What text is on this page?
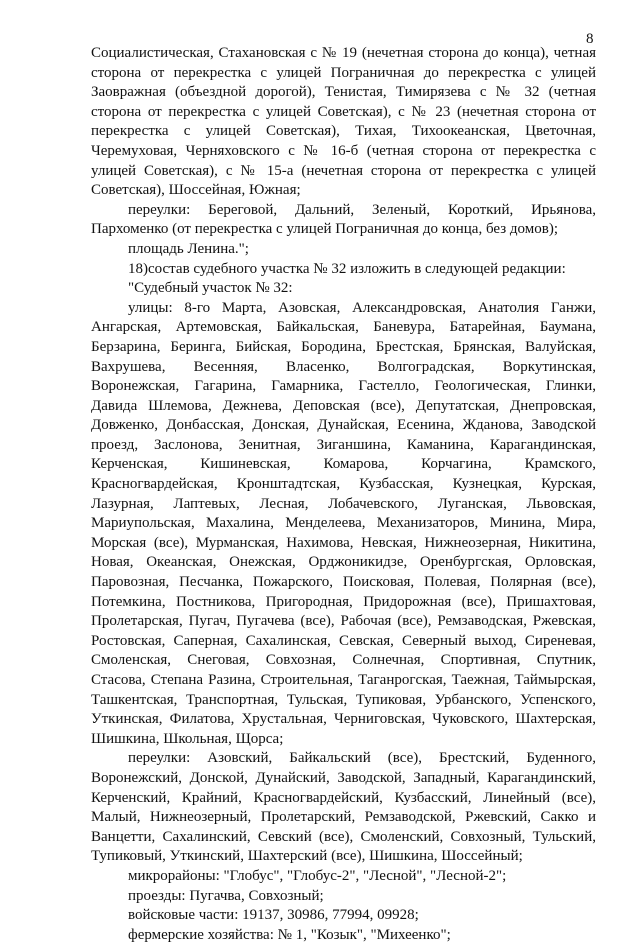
8
Социалистическая, Стахановская с № 19 (нечетная сторона до конца), четная
сторона от перекрестка с улицей Пограничная до перекрестка с улицей
Заовражная (объездной дорогой), Тенистая, Тимирязева с № 32 (четная
сторона от перекрестка с улицей Советская), с № 23 (нечетная сторона от
перекрестка с улицей Советская), Тихая, Тихоокеанская, Цветочная,
Черемуховая, Черняховского с № 16-б (четная сторона от перекрестка с
улицей Советская), с № 15-а (нечетная сторона от перекрестка с улицей
Советская), Шоссейная, Южная;
переулки: Береговой, Дальний, Зеленый, Короткий, Ирьянова,
Пархоменко (от перекрестка с улицей Пограничная до конца, без домов);
площадь Ленина.";
18)состав судебного участка № 32 изложить в следующей редакции:
"Судебный участок № 32:
улицы: 8-го Марта, Азовская, Александровская, Анатолия Ганжи,
Ангарская, Артемовская, Байкальская, Баневура, Батарейная, Баумана,
Берзарина, Беринга, Бийская, Бородина, Брестская, Брянская, Валуйская,
Вахрушева, Весенняя, Власенко, Волгоградская, Воркутинская,
Воронежская, Гагарина, Гамарника, Гастелло, Геологическая, Глинки,
Давида Шлемова, Дежнева, Деповская (все), Депутатская, Днепровская,
Довженко, Донбасская, Донская, Дунайская, Есенина, Жданова, Заводской
проезд, Заслонова, Зенитная, Зиганшина, Каманина, Карагандинская,
Керченская, Кишиневская, Комарова, Корчагина, Крамского,
Красногвардейская, Кронштадтская, Кузбасская, Кузнецкая, Курская,
Лазурная, Лаптевых, Лесная, Лобачевского, Луганская, Львовская,
Мариупольская, Махалина, Менделеева, Механизаторов, Минина, Мира,
Морская (все), Мурманская, Нахимова, Невская, Нижнеозерная, Никитина,
Новая, Океанская, Онежская, Орджоникидзе, Оренбургская, Орловская,
Паровозная, Песчанка, Пожарского, Поисковая, Полевая, Полярная (все),
Потемкина, Постникова, Пригородная, Придорожная (все), Пришахтовая,
Пролетарская, Пугач, Пугачева (все), Рабочая (все), Ремзаводская, Ржевская,
Ростовская, Саперная, Сахалинская, Севская, Северный выход, Сиреневая,
Смоленская, Снеговая, Совхозная, Солнечная, Спортивная, Спутник,
Стасова, Степана Разина, Строительная, Таганрогская, Таежная, Таймырская,
Ташкентская, Транспортная, Тульская, Тупиковая, Урбанского, Успенского,
Уткинская, Филатова, Хрустальная, Черниговская, Чуковского, Шахтерская,
Шишкина, Школьная, Щорса;
переулки: Азовский, Байкальский (все), Брестский, Буденного,
Воронежский, Донской, Дунайский, Заводской, Западный, Карагандинский,
Керченский, Крайний, Красногвардейский, Кузбасский, Линейный (все),
Малый, Нижнеозерный, Пролетарский, Ремзаводской, Ржевский, Сакко и
Ванцетти, Сахалинский, Севский (все), Смоленский, Совхозный, Тульский,
Тупиковый, Уткинский, Шахтерский (все), Шишкина, Шоссейный;
микрорайоны: "Глобус", "Глобус-2", "Лесной", "Лесной-2";
проезды: Пугачва, Совхозный;
войсковые части: 19137, 30986, 77994, 09928;
фермерские хозяйства: № 1, "Козык", "Михеенко";
